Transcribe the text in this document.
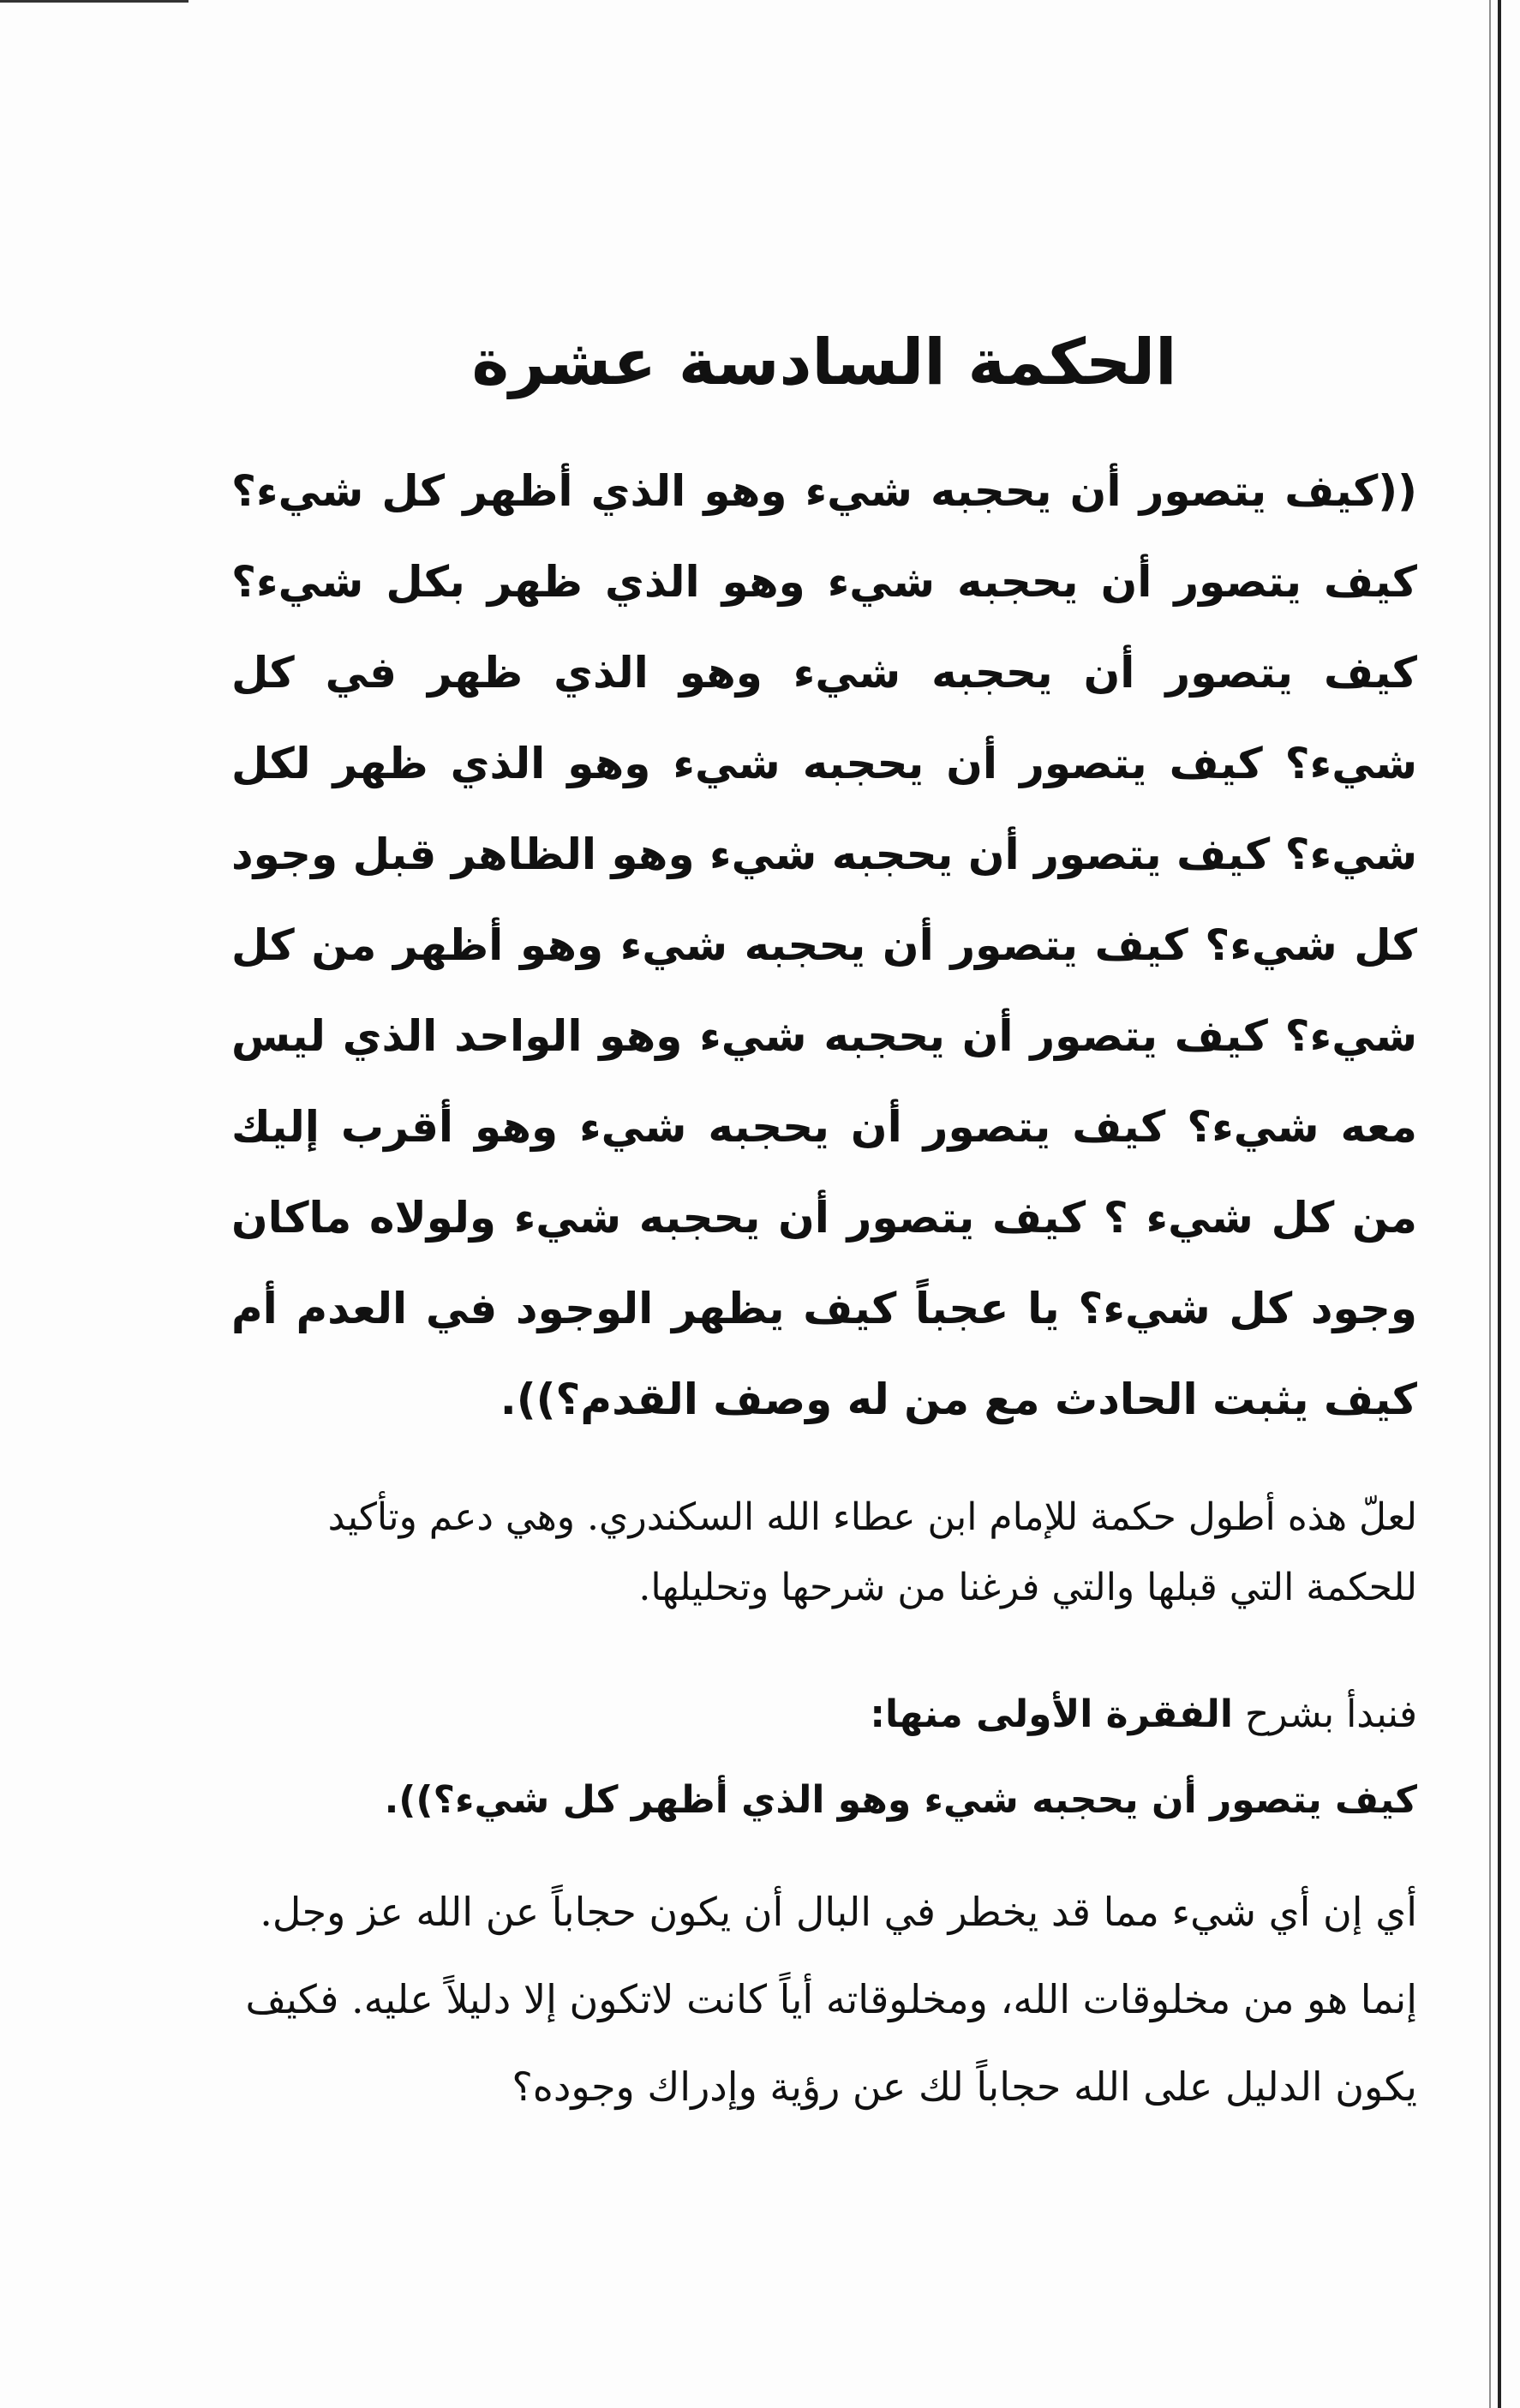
الحكمة السادسة عشرة
((كيف يتصور أن يحجبه شيء وهو الذي أظهر كل شيء؟ كيف يتصور أن يحجبه شيء وهو الذي ظهر بكل شيء؟ كيف يتصور أن يحجبه شيء وهو الذي ظهر في كل شيء؟ كيف يتصور أن يحجبه شيء وهو الذي ظهر لكل شيء؟ كيف يتصور أن يحجبه شيء وهو الظاهر قبل وجود كل شيء؟ كيف يتصور أن يحجبه شيء وهو أظهر من كل شيء؟ كيف يتصور أن يحجبه شيء وهو الواحد الذي ليس معه شيء؟ كيف يتصور أن يحجبه شيء وهو أقرب إليك من كل شيء ؟ كيف يتصور أن يحجبه شيء ولولاه ماكان وجود كل شيء؟ يا عجباً كيف يظهر الوجود في العدم أم كيف يثبت الحادث مع من له وصف القدم؟)).
لعلّ هذه أطول حكمة للإمام ابن عطاء الله السكندري. وهي دعم وتأكيد للحكمة التي قبلها والتي فرغنا من شرحها وتحليلها.
فنبدأ بشرح الفقرة الأولى منها:
كيف يتصور أن يحجبه شيء وهو الذي أظهر كل شيء؟)).
أي إن أي شيء مما قد يخطر في البال أن يكون حجاباً عن الله عز وجل. إنما هو من مخلوقات الله، ومخلوقاته أياً كانت لاتكون إلا دليلاً عليه. فكيف يكون الدليل على الله حجاباً لك عن رؤية وإدراك وجوده؟
